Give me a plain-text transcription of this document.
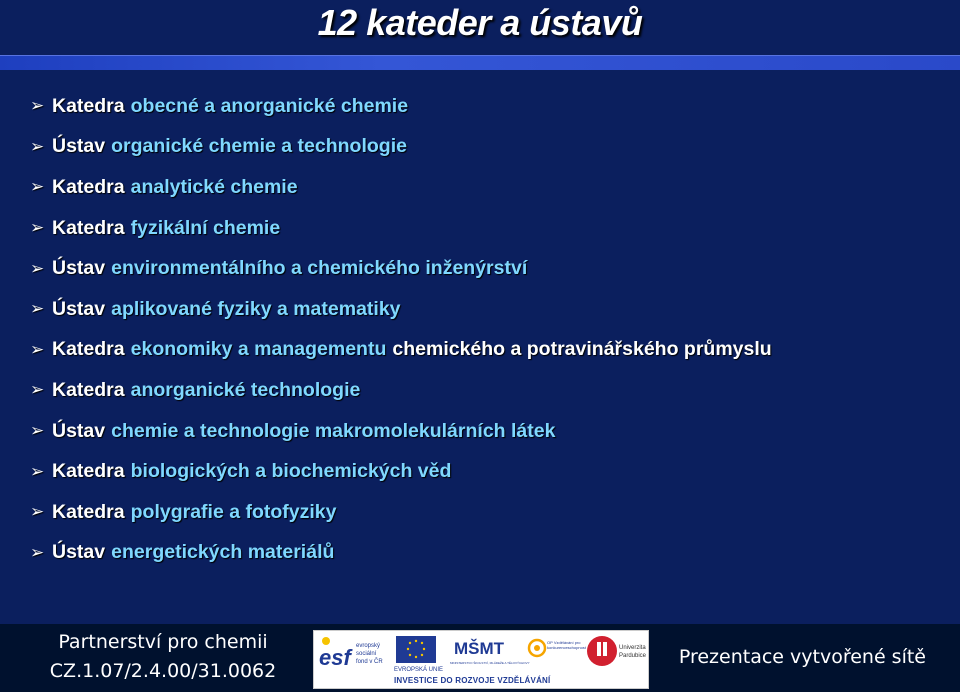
12 kateder a ústavů
➢ Katedra obecné a anorganické chemie
➢ Ústav organické chemie a technologie
➢ Katedra analytické chemie
➢ Katedra fyzikální chemie
➢ Ústav environmentálního a chemického inženýrství
➢ Ústav aplikované fyziky a matematiky
➢ Katedra ekonomiky a managementu chemického a potravinářského průmyslu
➢ Katedra anorganické technologie
➢ Ústav chemie a technologie makromolekulárních látek
➢ Katedra biologických a biochemických věd
➢ Katedra polygrafie a fotofyziky
➢ Ústav energetických materiálů
Partnerství pro chemii
CZ.1.07/2.4.00/31.0062
Prezentace vytvořené sítě
esf evropský
sociální
fond v ČR
EVROPSKÁ UNIE
MŠMT
MINISTERSTVO ŠKOLSTVÍ, MLÁDEŽE A TĚLOVÝCHOVY
OP Vzdělávání pro konkurenceschopnost	Univerzita
Pardubice
INVESTICE DO ROZVOJE VZDĚLÁVÁNÍ
